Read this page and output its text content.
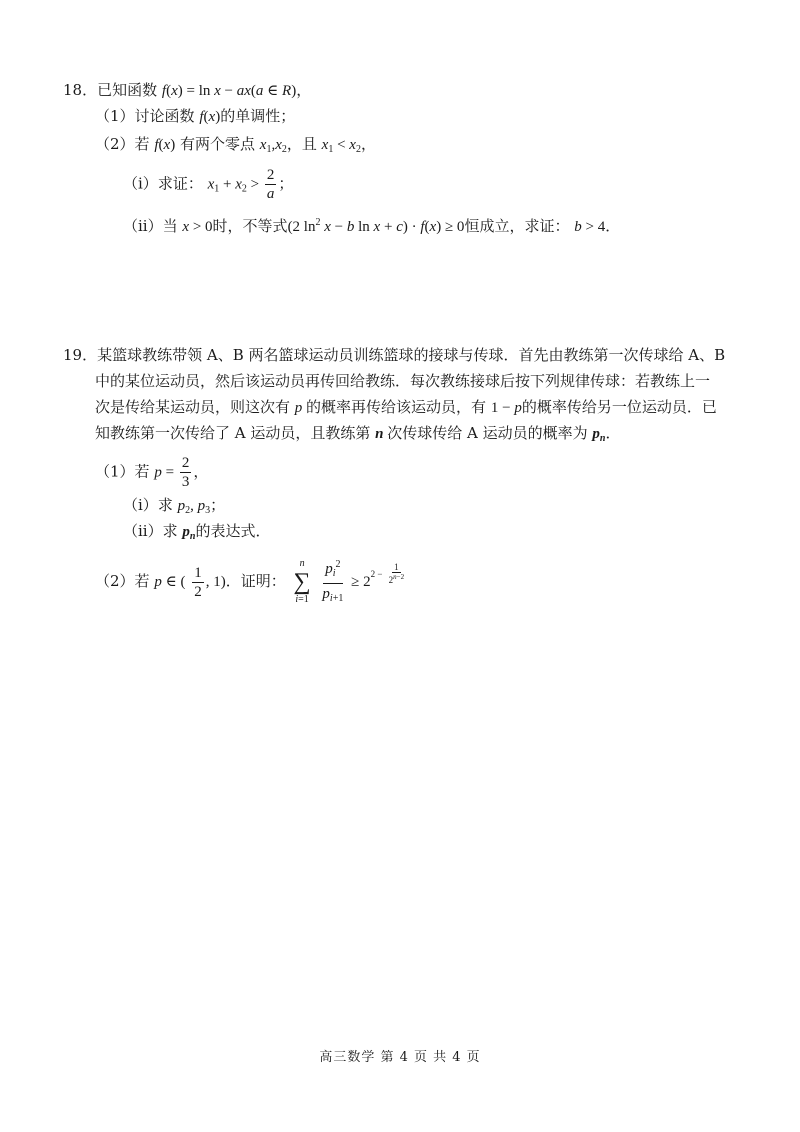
18．已知函数 f(x) = ln x − ax(a ∈ R)，
（1）讨论函数 f(x)的单调性；
（2）若 f(x) 有两个零点 $x_1,x_2$，且 $x_1 < x_2$，
（i）求证： $x_1 + x_2 > \frac{2}{a}$ ；
（ii）当 x > 0时，不等式(2 $\ln^2 x - b$ ln x + c) · f(x) ≥ 0恒成立，求证： b > 4．
19．某篮球教练带领 A、B 两名篮球运动员训练篮球的接球与传球．首先由教练第一次传球给 A、B
中的某位运动员，然后该运动员再传回给教练．每次教练接球后按下列规律传球：若教练上一
次是传给某运动员，则这次有 p 的概率再传给该运动员，有 1 − p的概率传给另一位运动员．已
知教练第一次传给了 A 运动员，且教练第 n 次传球传给 A 运动员的概率为 $p_n$．
（1）若 $p = \frac{2}{3}$ ，
（i）求 $p_2$, $p_3$；
（ii）求 $p_n$的表达式．
（2）若 p ∈ ( $\frac{1}{2}$ , 1)．证明：
n
∑
i=1
$\frac{p_i^2}{p_{i+1}} \ge 2$ $2 - \frac{1}{2^{n-2}}$
高三数学 第 4 页 共 4 页
